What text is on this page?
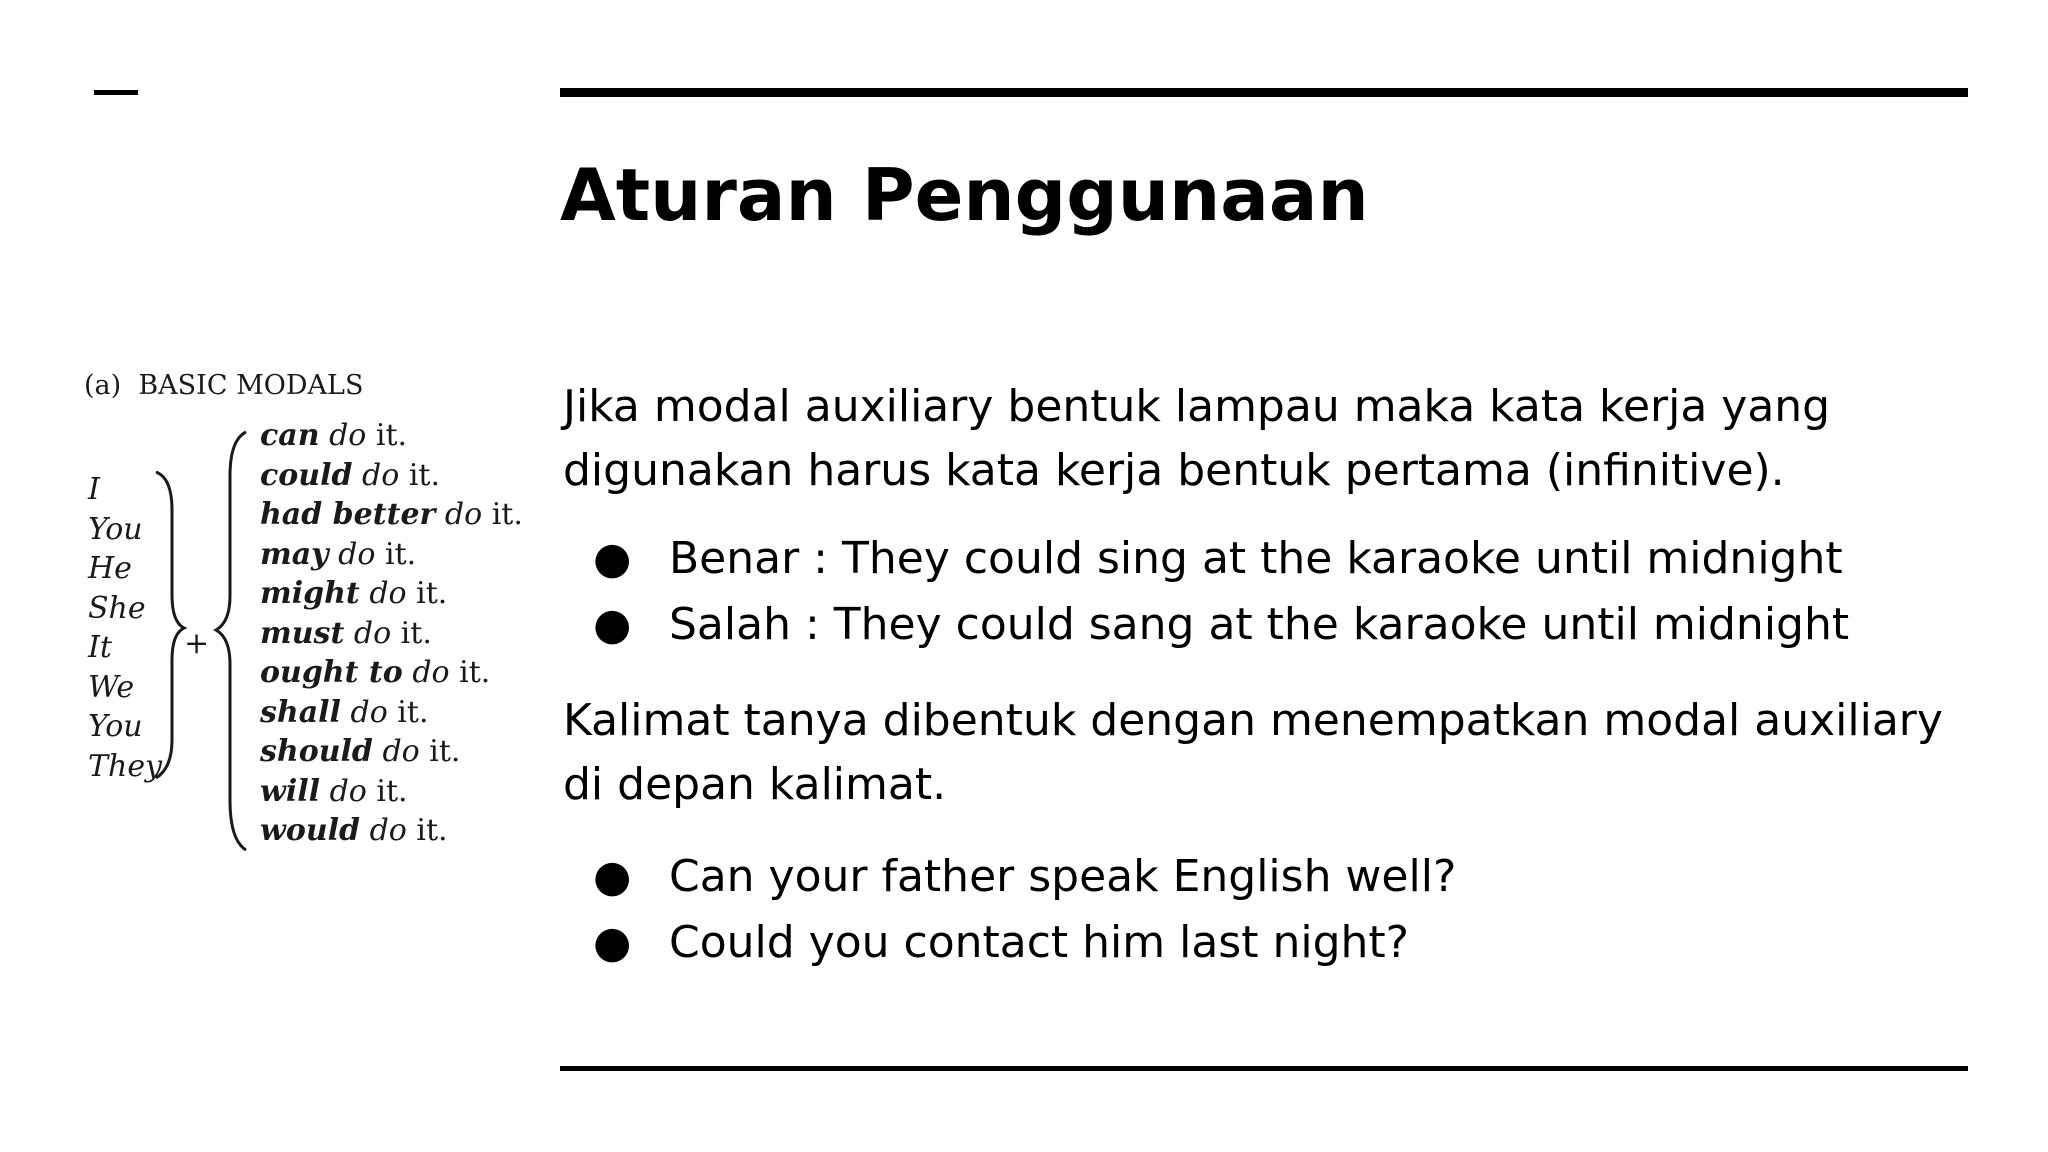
Aturan Penggunaan
(a) BASIC MODALS
I
You
He
She
It
We
You
They
+
can do it.
could do it.
had better do it.
may do it.
might do it.
must do it.
ought to do it.
shall do it.
should do it.
will do it.
would do it.

Jika modal auxiliary bentuk lampau maka kata kerja yang digunakan harus kata kerja bentuk pertama (infinitive).

● Benar : They could sing at the karaoke until midnight
● Salah : They could sang at the karaoke until midnight

Kalimat tanya dibentuk dengan menempatkan modal auxiliary di depan kalimat.

● Can your father speak English well?
● Could you contact him last night?
